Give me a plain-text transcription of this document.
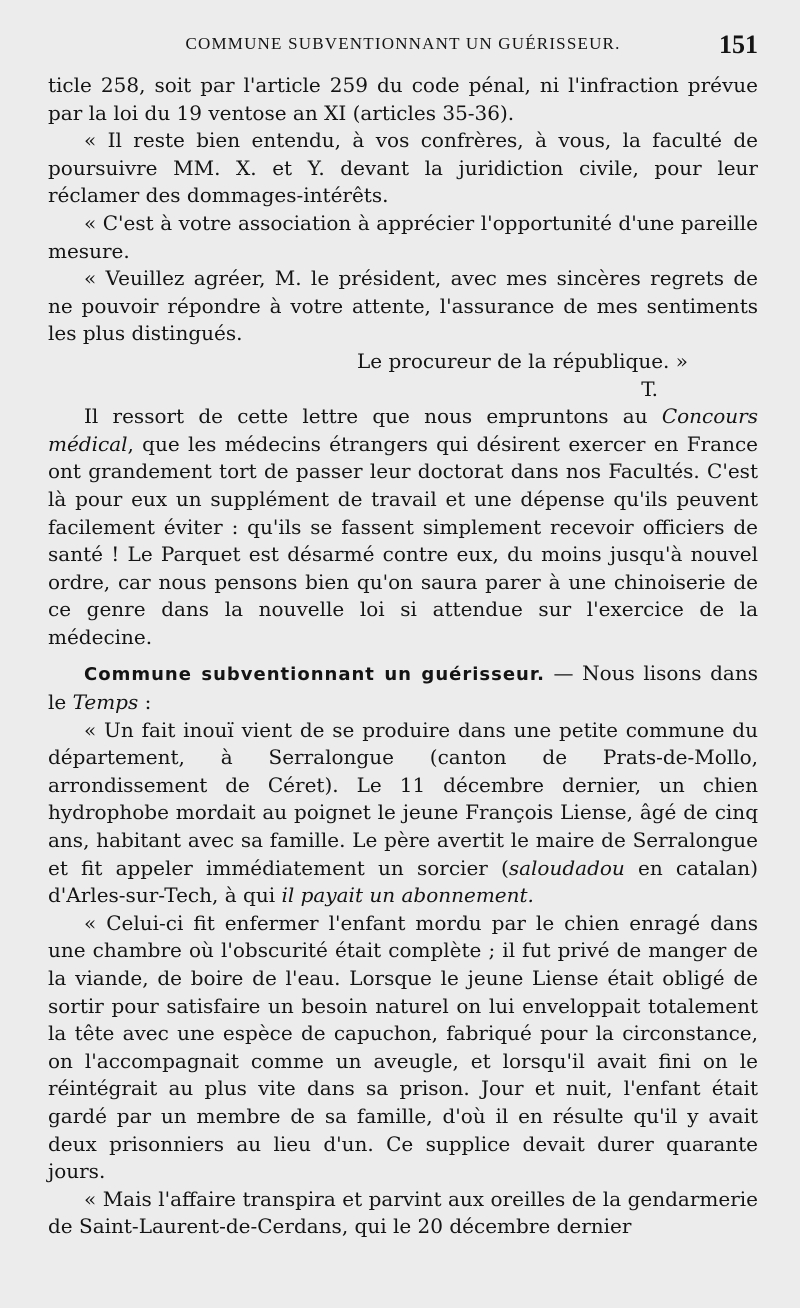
COMMUNE SUBVENTIONNANT UN GUÉRISSEUR.	151

ticle 258, soit par l'article 259 du code pénal, ni l'infraction prévue par la loi du 19 ventose an XI (articles 35-36).

« Il reste bien entendu, à vos confrères, à vous, la faculté de poursuivre MM. X. et Y. devant la juridiction civile, pour leur réclamer des dommages-intérêts.

« C'est à votre association à apprécier l'opportunité d'une pareille mesure.

« Veuillez agréer, M. le président, avec mes sincères regrets de ne pouvoir répondre à votre attente, l'assurance de mes sentiments les plus distingués.

Le procureur de la république. »

T.

Il ressort de cette lettre que nous empruntons au Concours médical, que les médecins étrangers qui désirent exercer en France ont grandement tort de passer leur doctorat dans nos Facultés. C'est là pour eux un supplément de travail et une dépense qu'ils peuvent facilement éviter : qu'ils se fassent simplement recevoir officiers de santé ! Le Parquet est désarmé contre eux, du moins jusqu'à nouvel ordre, car nous pensons bien qu'on saura parer à une chinoiserie de ce genre dans la nouvelle loi si attendue sur l'exercice de la médecine.

Commune subventionnant un guérisseur. — Nous lisons dans le Temps :

« Un fait inouï vient de se produire dans une petite commune du département, à Serralongue (canton de Prats-de-Mollo, arrondissement de Céret). Le 11 décembre dernier, un chien hydrophobe mordait au poignet le jeune François Liense, âgé de cinq ans, habitant avec sa famille. Le père avertit le maire de Serralongue et fit appeler immédiatement un sorcier (saloudadou en catalan) d'Arles-sur-Tech, à qui il payait un abonnement.

« Celui-ci fit enfermer l'enfant mordu par le chien enragé dans une chambre où l'obscurité était complète ; il fut privé de manger de la viande, de boire de l'eau. Lorsque le jeune Liense était obligé de sortir pour satisfaire un besoin naturel on lui enveloppait totalement la tête avec une espèce de capuchon, fabriqué pour la circonstance, on l'accompagnait comme un aveugle, et lorsqu'il avait fini on le réintégrait au plus vite dans sa prison. Jour et nuit, l'enfant était gardé par un membre de sa famille, d'où il en résulte qu'il y avait deux prisonniers au lieu d'un. Ce supplice devait durer quarante jours.

« Mais l'affaire transpira et parvint aux oreilles de la gendarmerie de Saint-Laurent-de-Cerdans, qui le 20 décembre dernier
